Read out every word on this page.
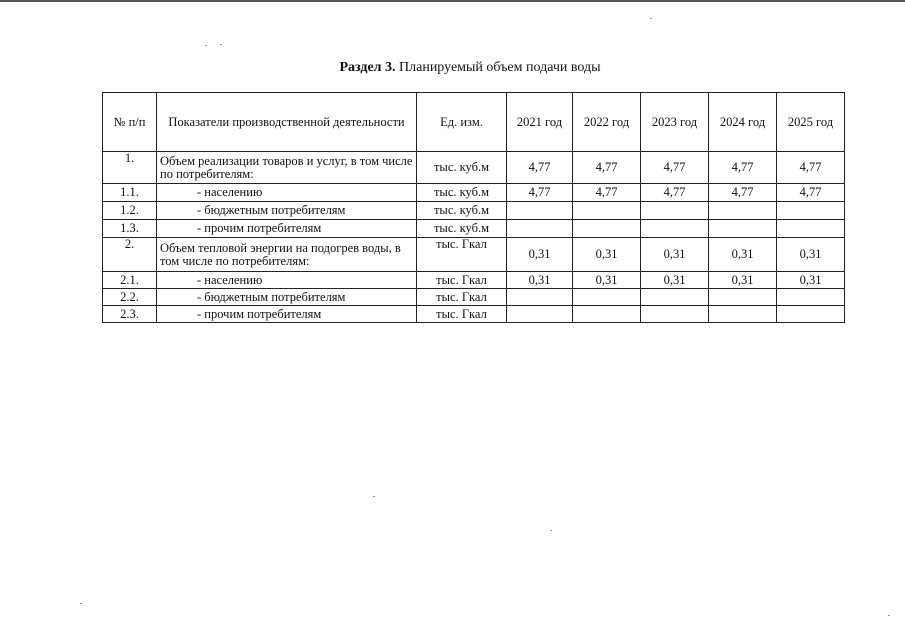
Раздел 3. Планируемый объем подачи воды
№ п/п	Показатели производственной деятельности	Ед. изм.	2021 год	2022 год	2023 год	2024 год	2025 год
1.	Объем реализации товаров и услуг, в том числе по потребителям:	тыс. куб.м	4,77	4,77	4,77	4,77	4,77
1.1.	- населению	тыс. куб.м	4,77	4,77	4,77	4,77	4,77
1.2.	- бюджетным потребителям	тыс. куб.м					
1.3.	- прочим потребителям	тыс. куб.м					
2.	Объем тепловой энергии на подогрев воды, в том числе по потребителям:	тыс. Гкал	0,31	0,31	0,31	0,31	0,31
2.1.	- населению	тыс. Гкал	0,31	0,31	0,31	0,31	0,31
2.2.	- бюджетным потребителям	тыс. Гкал					
2.3.	- прочим потребителям	тыс. Гкал					
